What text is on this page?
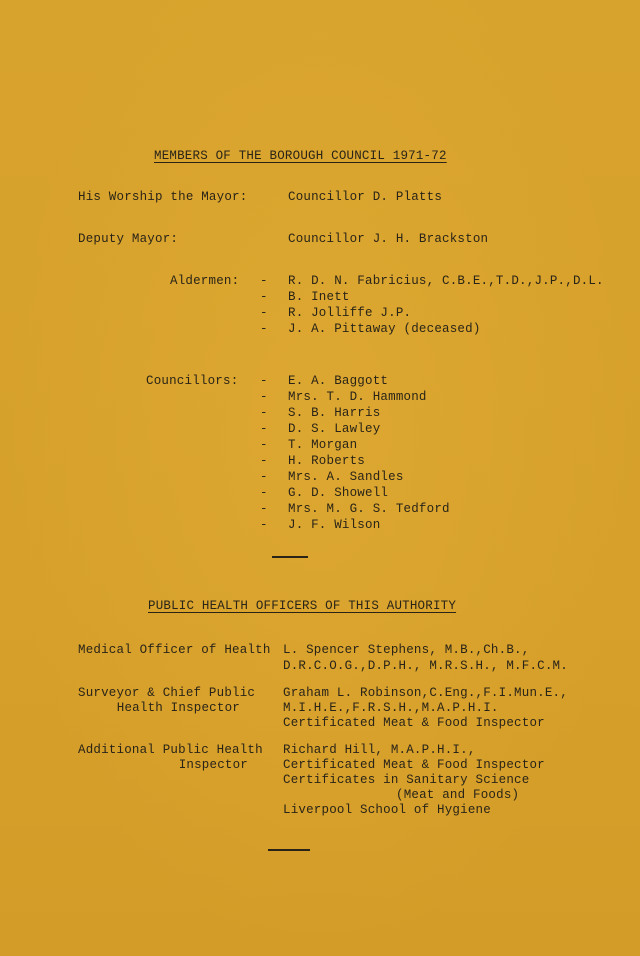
MEMBERS OF THE BOROUGH COUNCIL 1971-72
His Worship the Mayor:	Councillor D. Platts
Deputy Mayor:	Councillor J. H. Brackston
Aldermen: -
-
-
-
R. D. N. Fabricius, C.B.E.,T.D.,J.P.,D.L.
B. Inett
R. Jolliffe J.P.
J. A. Pittaway (deceased)
Councillors: -
-
-
-
-
-
-
-
-
-
E. A. Baggott
Mrs. T. D. Hammond
S. B. Harris
D. S. Lawley
T. Morgan
H. Roberts
Mrs. A. Sandles
G. D. Showell
Mrs. M. G. S. Tedford
J. F. Wilson
PUBLIC HEALTH OFFICERS OF THIS AUTHORITY
Medical Officer of Health L. Spencer Stephens, M.B.,Ch.B.,
D.R.C.O.G.,D.P.H., M.R.S.H., M.F.C.M.
Surveyor & Chief Public
Health Inspector
Graham L. Robinson,C.Eng.,F.I.Mun.E.,
M.I.H.E.,F.R.S.H.,M.A.P.H.I.
Certificated Meat & Food Inspector
Additional Public Health
Inspector
Richard Hill, M.A.P.H.I.,
Certificated Meat & Food Inspector
Certificates in Sanitary Science
(Meat and Foods)
Liverpool School of Hygiene
